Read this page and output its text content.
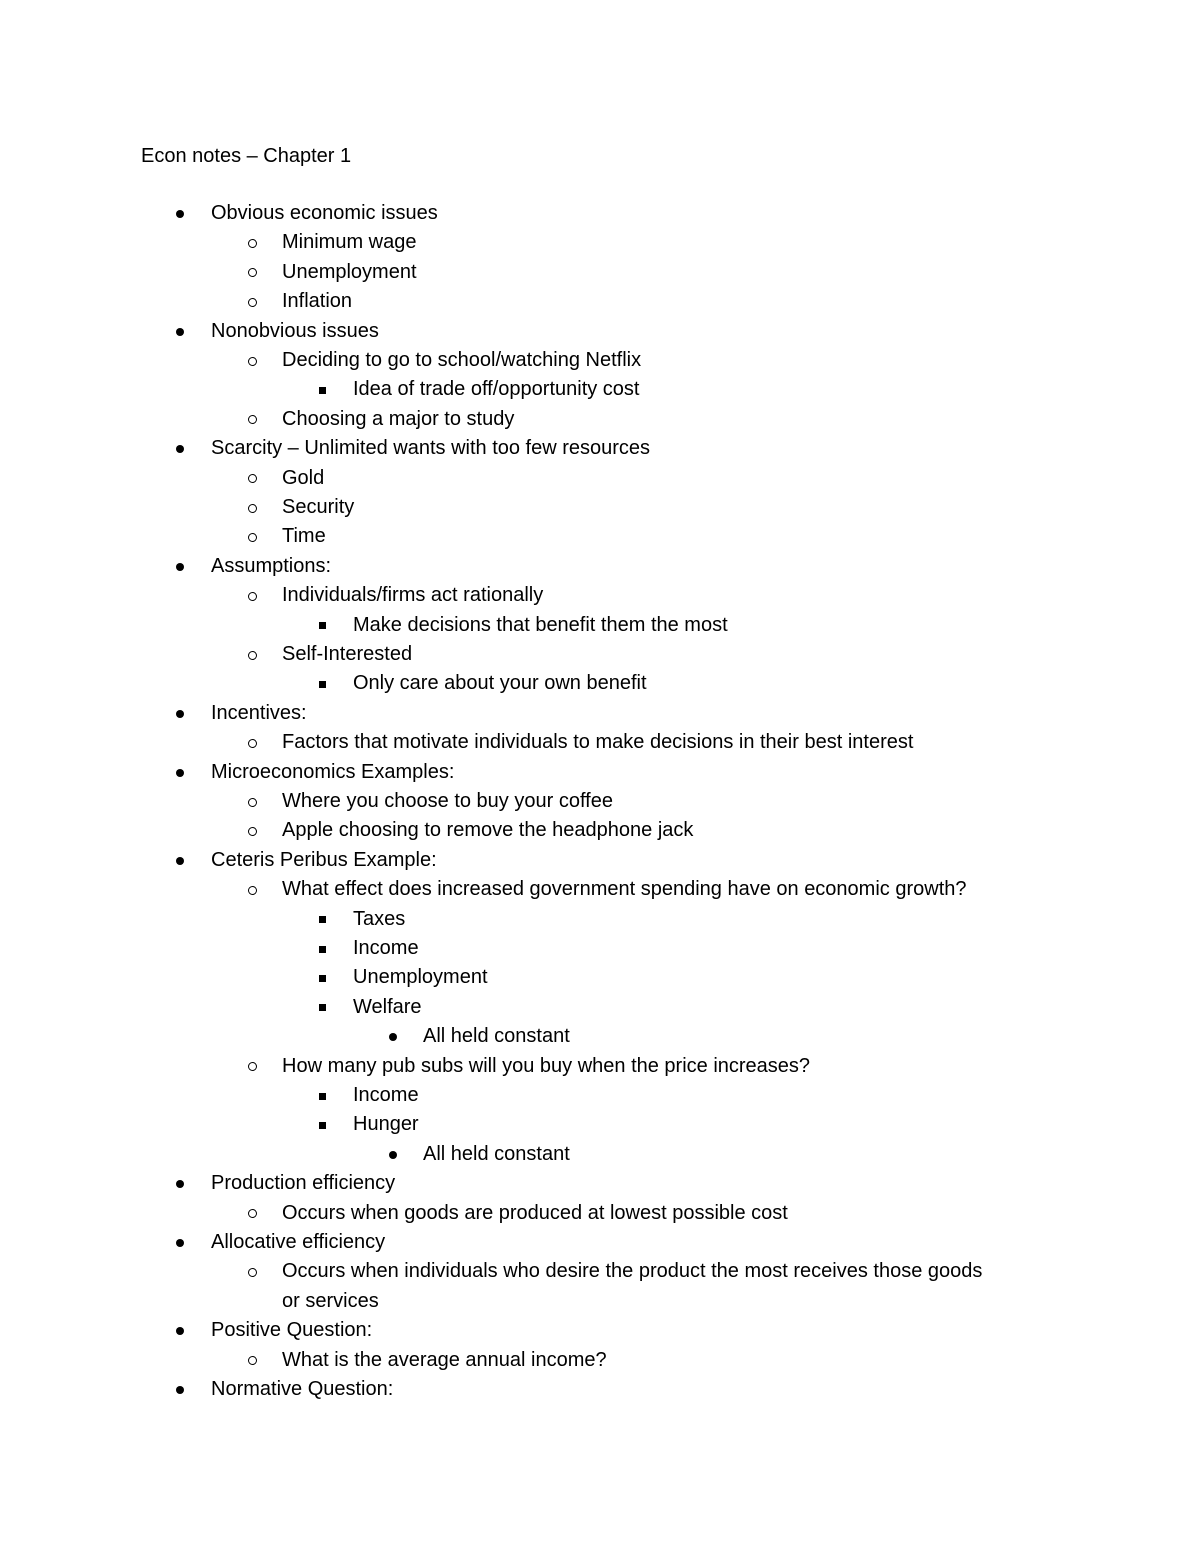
Econ notes – Chapter 1
Obvious economic issues
Minimum wage
Unemployment
Inflation
Nonobvious issues
Deciding to go to school/watching Netflix
Idea of trade off/opportunity cost
Choosing a major to study
Scarcity – Unlimited wants with too few resources
Gold
Security
Time
Assumptions:
Individuals/firms act rationally
Make decisions that benefit them the most
Self-Interested
Only care about your own benefit
Incentives:
Factors that motivate individuals to make decisions in their best interest
Microeconomics Examples:
Where you choose to buy your coffee
Apple choosing to remove the headphone jack
Ceteris Peribus Example:
What effect does increased government spending have on economic growth?
Taxes
Income
Unemployment
Welfare
All held constant
How many pub subs will you buy when the price increases?
Income
Hunger
All held constant
Production efficiency
Occurs when goods are produced at lowest possible cost
Allocative efficiency
Occurs when individuals who desire the product the most receives those goods
or services
Positive Question:
What is the average annual income?
Normative Question:
